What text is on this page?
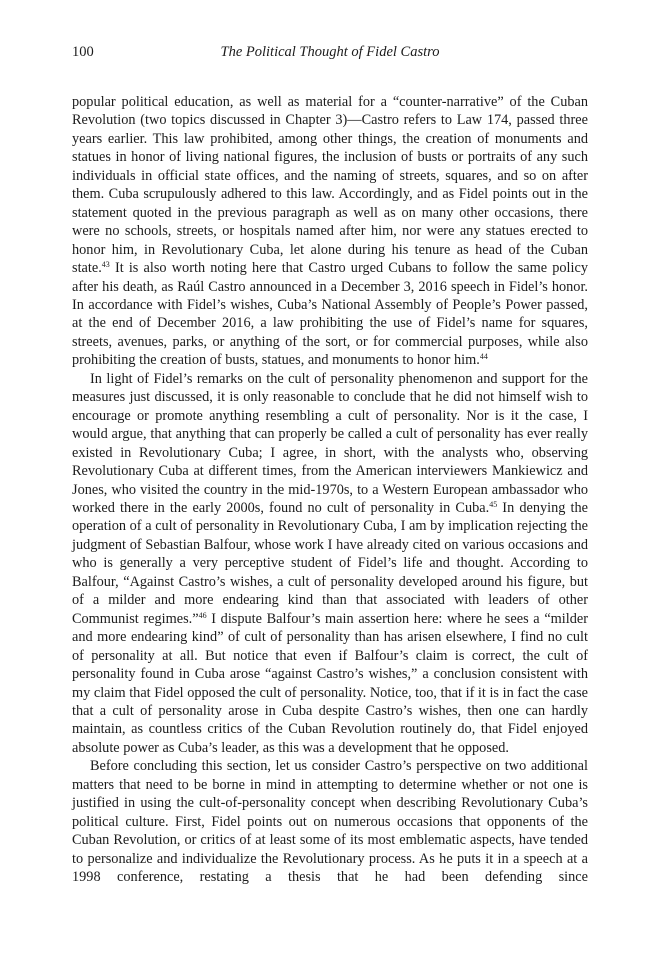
100	The Political Thought of Fidel Castro

popular political education, as well as material for a “counter-narrative” of the Cuban Revolution (two topics discussed in Chapter 3)—Castro refers to Law 174, passed three years earlier. This law prohibited, among other things, the creation of monuments and statues in honor of living national figures, the inclusion of busts or portraits of any such individuals in official state offices, and the naming of streets, squares, and so on after them. Cuba scrupulously adhered to this law. Accordingly, and as Fidel points out in the statement quoted in the previous paragraph as well as on many other occasions, there were no schools, streets, or hospitals named after him, nor were any statues erected to honor him, in Revolutionary Cuba, let alone during his tenure as head of the Cuban state.$^{43}$ It is also worth noting here that Castro urged Cubans to follow the same policy after his death, as Raúl Castro announced in a December 3, 2016 speech in Fidel’s honor. In accordance with Fidel’s wishes, Cuba’s National Assembly of People’s Power passed, at the end of December 2016, a law prohibiting the use of Fidel’s name for squares, streets, avenues, parks, or anything of the sort, or for commercial purposes, while also prohibiting the creation of busts, statues, and monuments to honor him.$^{44}$

In light of Fidel’s remarks on the cult of personality phenomenon and support for the measures just discussed, it is only reasonable to conclude that he did not himself wish to encourage or promote anything resembling a cult of personality. Nor is it the case, I would argue, that anything that can properly be called a cult of personality has ever really existed in Revolutionary Cuba; I agree, in short, with the analysts who, observing Revolutionary Cuba at different times, from the American interviewers Mankiewicz and Jones, who visited the country in the mid-1970s, to a Western European ambassador who worked there in the early 2000s, found no cult of personality in Cuba.$^{45}$ In denying the operation of a cult of personality in Revolutionary Cuba, I am by implication rejecting the judgment of Sebastian Balfour, whose work I have already cited on various occasions and who is generally a very perceptive student of Fidel’s life and thought. According to Balfour, “Against Castro’s wishes, a cult of personality developed around his figure, but of a milder and more endearing kind than that associated with leaders of other Communist regimes.”$^{46}$ I dispute Balfour’s main assertion here: where he sees a “milder and more endearing kind” of cult of personality than has arisen elsewhere, I find no cult of personality at all. But notice that even if Balfour’s claim is correct, the cult of personality found in Cuba arose “against Castro’s wishes,” a conclusion consistent with my claim that Fidel opposed the cult of personality. Notice, too, that if it is in fact the case that a cult of personality arose in Cuba despite Castro’s wishes, then one can hardly maintain, as countless critics of the Cuban Revolution routinely do, that Fidel enjoyed absolute power as Cuba’s leader, as this was a development that he opposed.

Before concluding this section, let us consider Castro’s perspective on two additional matters that need to be borne in mind in attempting to determine whether or not one is justified in using the cult-of-personality concept when describing Revolutionary Cuba’s political culture. First, Fidel points out on numerous occasions that opponents of the Cuban Revolution, or critics of at least some of its most emblematic aspects, have tended to personalize and individualize the Revolutionary process. As he puts it in a speech at a 1998 conference, restating a thesis that he had been defending since
